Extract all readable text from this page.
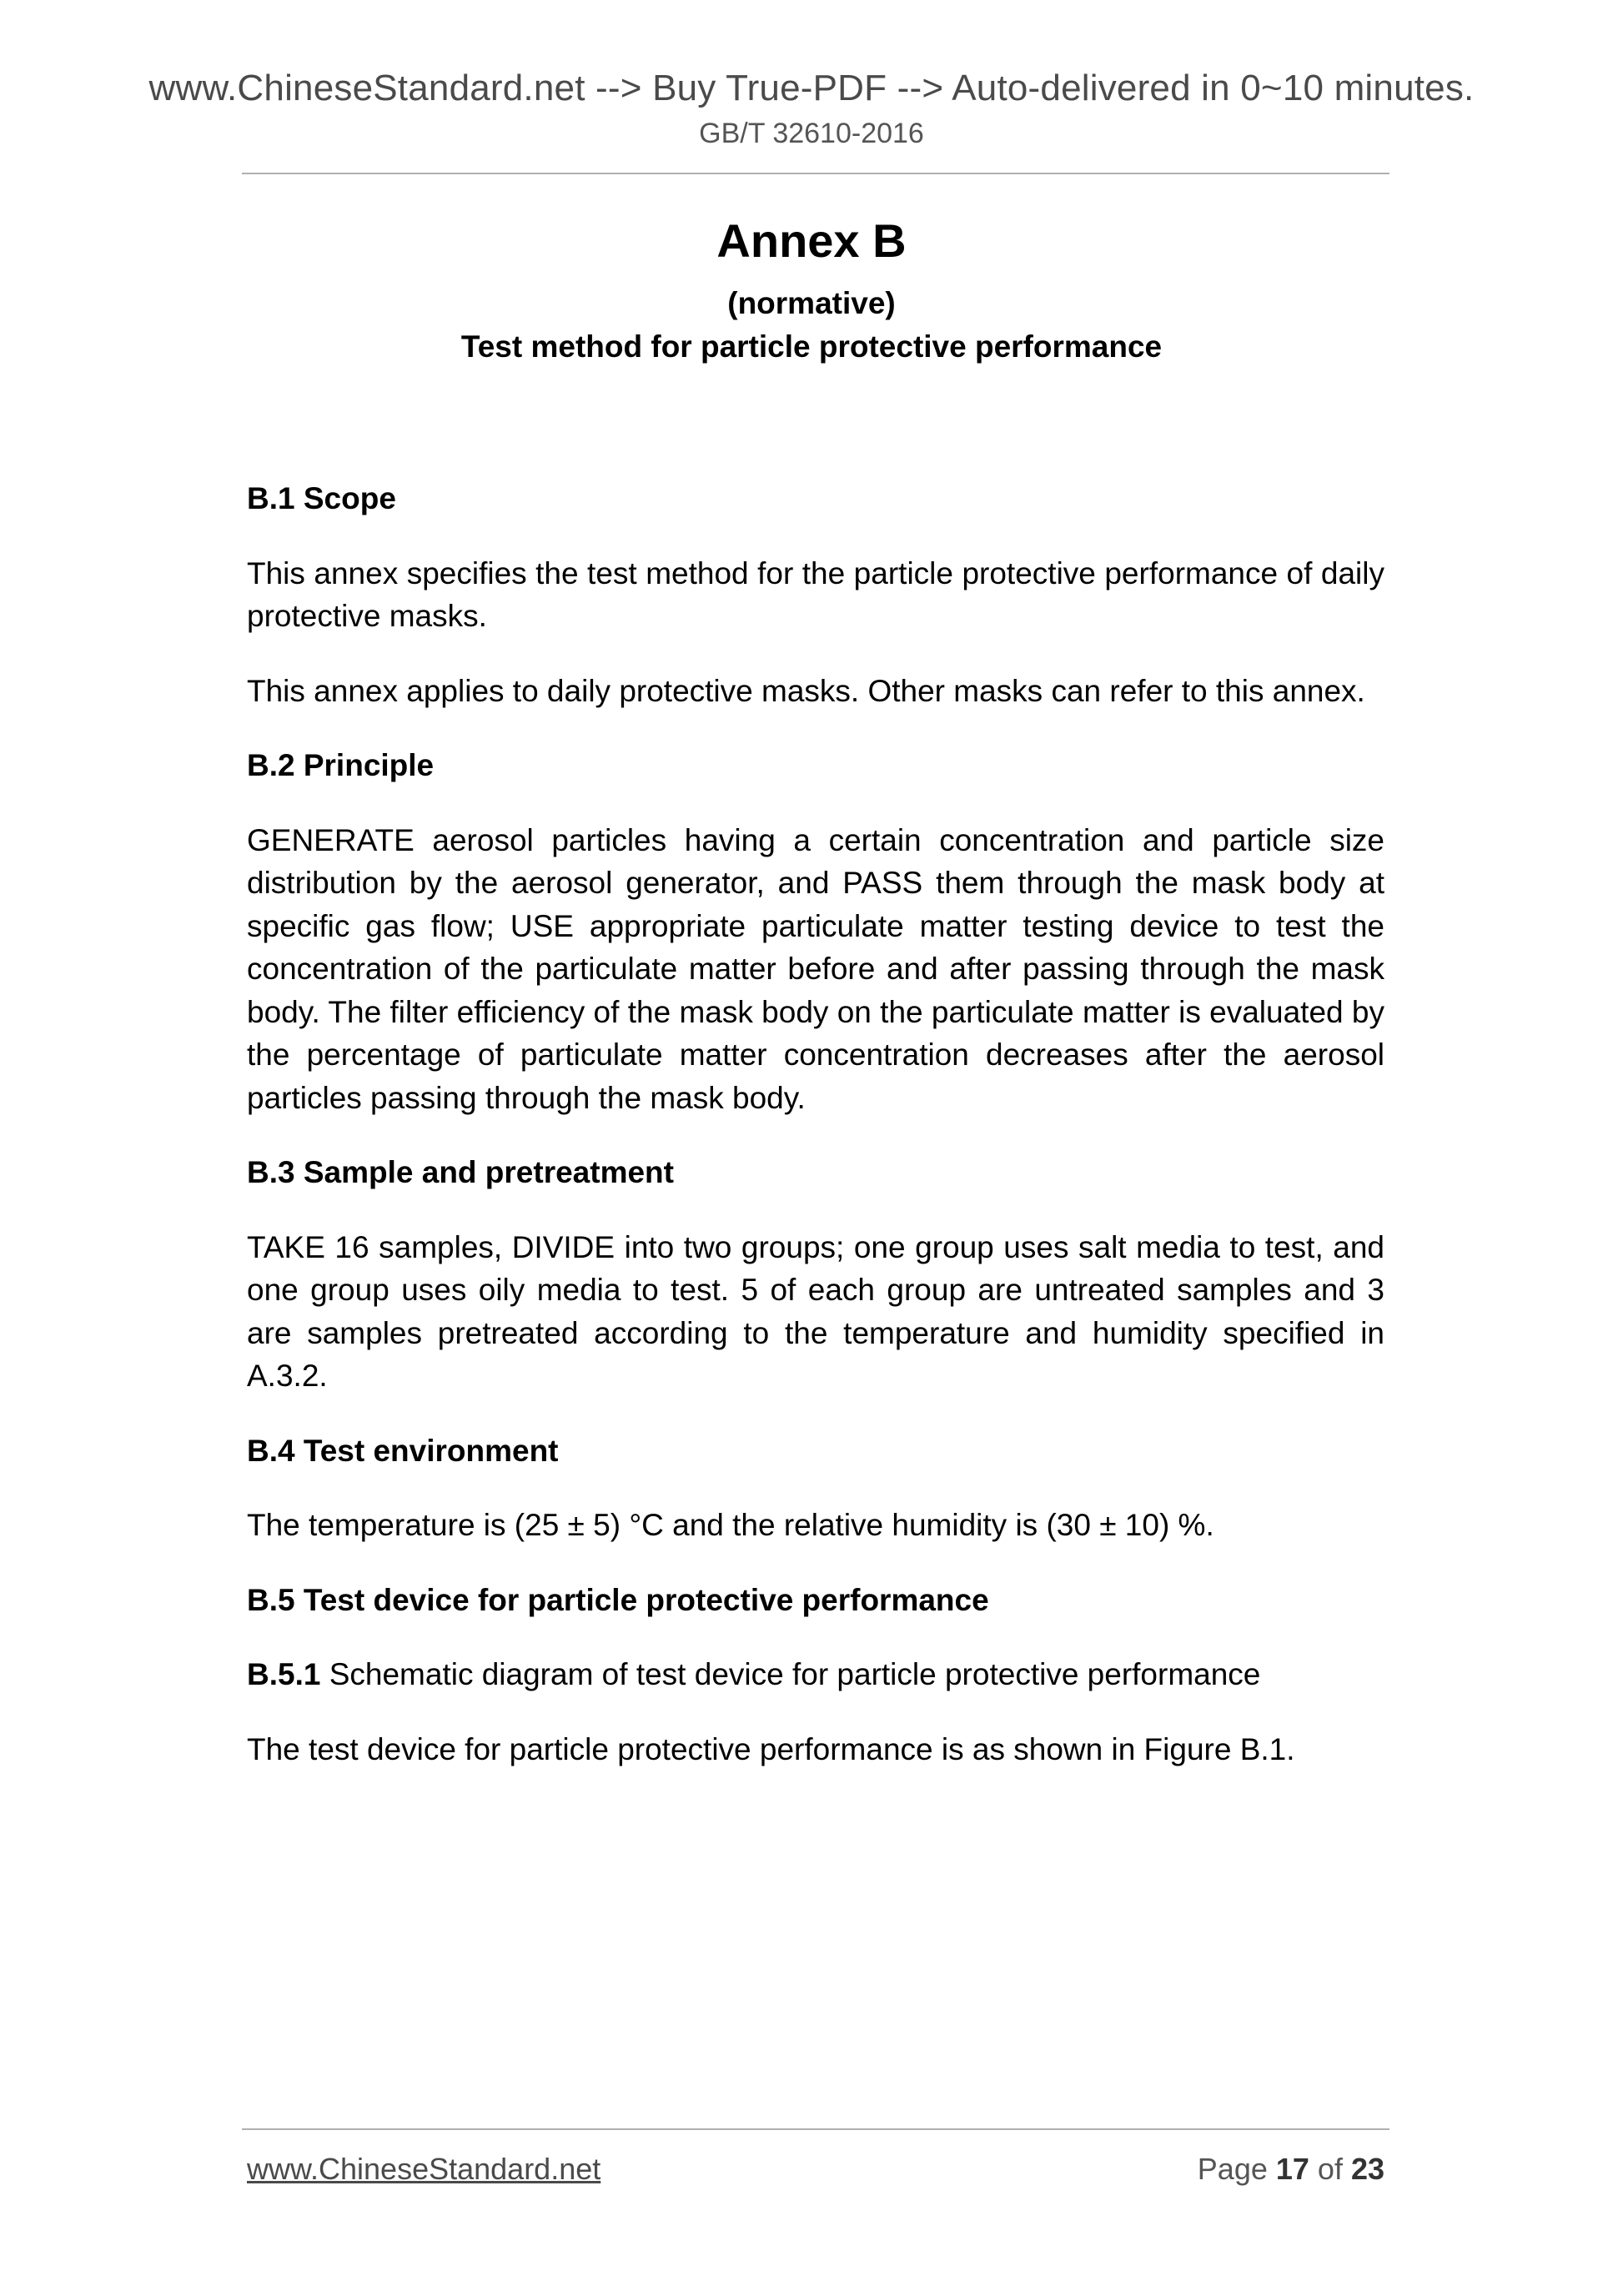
www.ChineseStandard.net --> Buy True-PDF --> Auto-delivered in 0~10 minutes.
GB/T 32610-2016
Annex B
(normative)
Test method for particle protective performance
B.1 Scope

This annex specifies the test method for the particle protective performance of daily protective masks.

This annex applies to daily protective masks. Other masks can refer to this annex.

B.2 Principle

GENERATE aerosol particles having a certain concentration and particle size distribution by the aerosol generator, and PASS them through the mask body at specific gas flow; USE appropriate particulate matter testing device to test the concentration of the particulate matter before and after passing through the mask body. The filter efficiency of the mask body on the particulate matter is evaluated by the percentage of particulate matter concentration decreases after the aerosol particles passing through the mask body.

B.3 Sample and pretreatment

TAKE 16 samples, DIVIDE into two groups; one group uses salt media to test, and one group uses oily media to test. 5 of each group are untreated samples and 3 are samples pretreated according to the temperature and humidity specified in A.3.2.

B.4 Test environment

The temperature is (25 ± 5) °C and the relative humidity is (30 ± 10) %.

B.5 Test device for particle protective performance

B.5.1 Schematic diagram of test device for particle protective performance

The test device for particle protective performance is as shown in Figure B.1.

www.ChineseStandard.net	Page 17 of 23
